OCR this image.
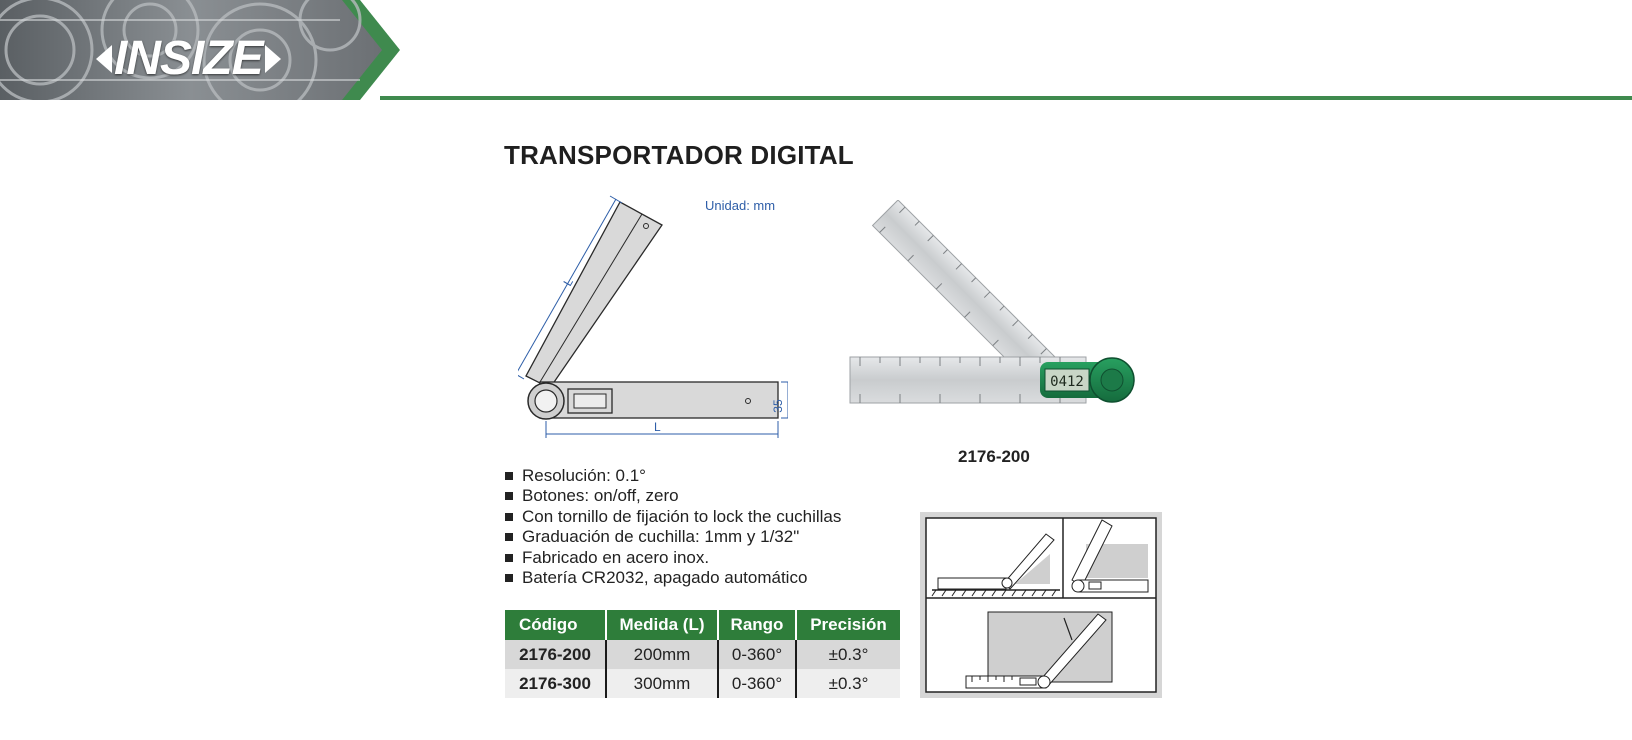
INSIZE
TRANSPORTADOR DIGITAL
Unidad: mm
L
L
35
0412
2176-200
Resolución: 0.1°
Botones: on/off, zero
Con tornillo de fijación to lock the cuchillas
Graduación de cuchilla: 1mm y 1/32"
Fabricado en acero inox.
Batería CR2032, apagado automático
Código	Medida (L)	Rango	Precisión
2176-200	200mm	0-360°	±0.3°
2176-300	300mm	0-360°	±0.3°
